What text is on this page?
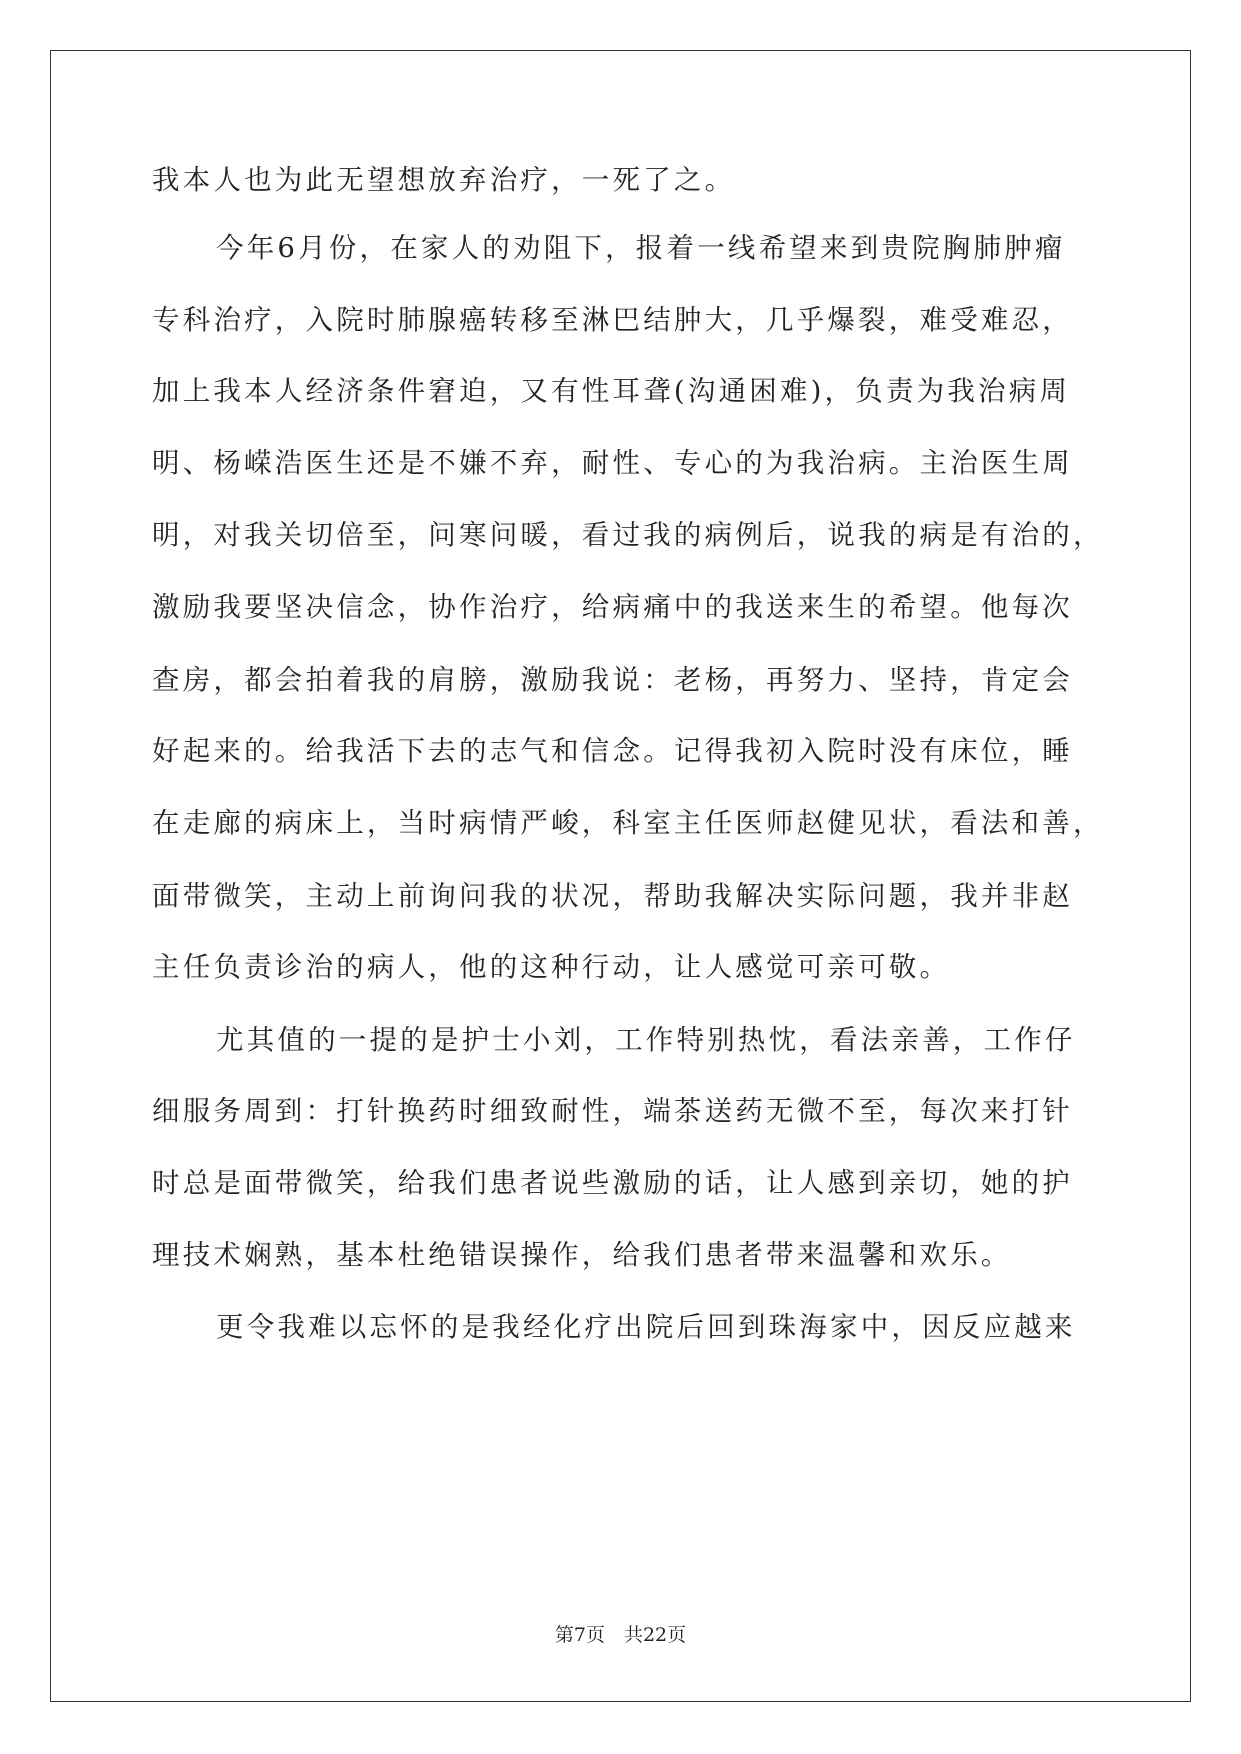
我本人也为此无望想放弃治疗，一死了之。

今年6月份，在家人的劝阻下，报着一线希望来到贵院胸肺肿瘤

专科治疗，入院时肺腺癌转移至淋巴结肿大，几乎爆裂，难受难忍，

加上我本人经济条件窘迫，又有性耳聋(沟通困难)，负责为我治病周

明、杨嵘浩医生还是不嫌不弃，耐性、专心的为我治病。主治医生周

明，对我关切倍至，问寒问暖，看过我的病例后，说我的病是有治的，

激励我要坚决信念，协作治疗，给病痛中的我送来生的希望。他每次

查房，都会拍着我的肩膀，激励我说：老杨，再努力、坚持，肯定会

好起来的。给我活下去的志气和信念。记得我初入院时没有床位，睡

在走廊的病床上，当时病情严峻，科室主任医师赵健见状，看法和善，

面带微笑，主动上前询问我的状况，帮助我解决实际问题，我并非赵

主任负责诊治的病人，他的这种行动，让人感觉可亲可敬。

尤其值的一提的是护士小刘，工作特别热忱，看法亲善，工作仔

细服务周到：打针换药时细致耐性，端茶送药无微不至，每次来打针

时总是面带微笑，给我们患者说些激励的话，让人感到亲切，她的护

理技术娴熟，基本杜绝错误操作，给我们患者带来温馨和欢乐。

更令我难以忘怀的是我经化疗出院后回到珠海家中，因反应越来

第7页　共22页
